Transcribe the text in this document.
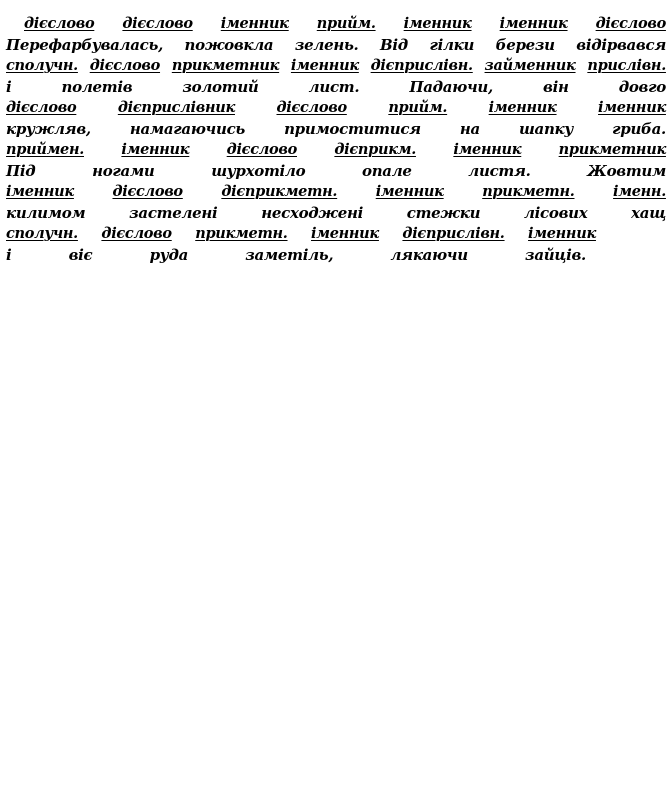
дієслово дієслово іменник прийм. іменник іменник дієслово
Перефарбувалась, пожовкла зелень. Від гілки берези відірвався
сполучн. дієслово прикметник іменник дієприслівн. займенник прислівн.
і	полетів	золотий	лист.	Падаючи,	він	довго
дієслово	дієприслівник	дієслово	прийм.	іменник	іменник
кружляв,	намагаючись	примоститися	на	шапку	гриба.
приймен.	іменник	дієслово	дієприкм.	іменник	прикметник
Під	ногами	шурхотіло	опале	листя.	Жовтим
іменник	дієслово	дієприкметн.	іменник	прикметн.	іменн.
килимом	застелені	несходжені	стежки	лісових	хащ
сполучн. дієслово прикметн. іменник дієприслівн. іменник
і	віє	руда	заметіль,	лякаючи	зайців.
